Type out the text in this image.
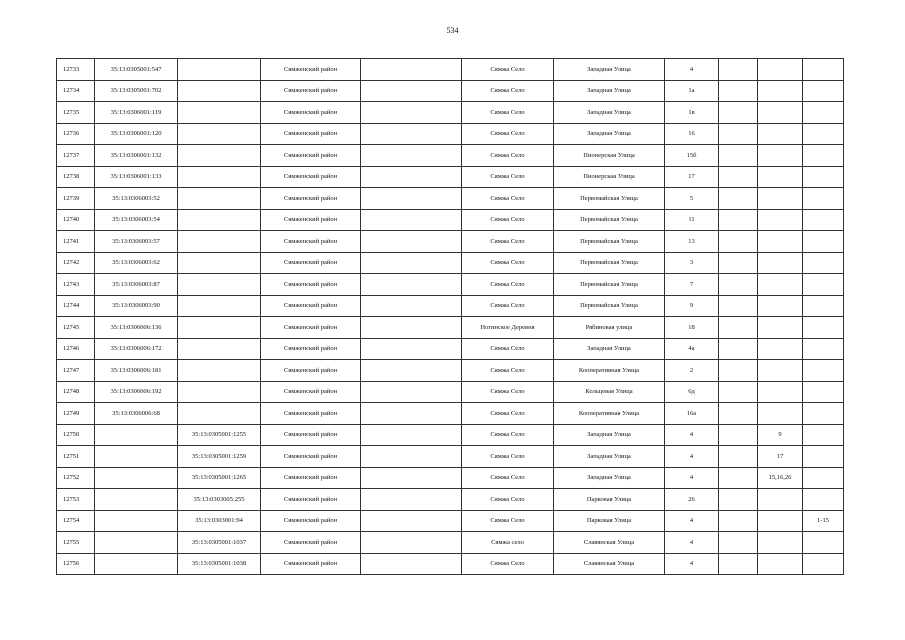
534
12733	35:13:0305001:547		Сямженский район		Сямжа Село	Западная Улица	4			
12734	35:13:0305001:702		Сямженский район		Сямжа Село	Западная Улица	1а			
12735	35:13:0306001:119		Сямженский район		Сямжа Село	Западная Улица	1в			
12736	35:13:0306001:120		Сямженский район		Сямжа Село	Западная Улица	16			
12737	35:13:0306001:132		Сямженский район		Сямжа Село	Пионерская Улица	15б			
12738	35:13:0306001:133		Сямженский район		Сямжа Село	Пионерская Улица	17			
12739	35:13:0306003:52		Сямженский район		Сямжа Село	Первомайская Улица	5			
12740	35:13:0306003:54		Сямженский район		Сямжа Село	Первомайская Улица	11			
12741	35:13:0306003:57		Сямженский район		Сямжа Село	Первомайская Улица	13			
12742	35:13:0306003:62		Сямженский район		Сямжа Село	Первомайская Улица	3			
12743	35:13:0306003:87		Сямженский район		Сямжа Село	Первомайская Улица	7			
12744	35:13:0306003:90		Сямженский район		Сямжа Село	Первомайская Улица	9			
12745	35:13:0306006:136		Сямженский район		Ногинское Деревня	Рябиновая улица	18			
12746	35:13:0306006:172		Сямженский район		Сямжа Село	Западная Улица	4а			
12747	35:13:0306006:181		Сямженский район		Сямжа Село	Кооперативная Улица	2			
12748	35:13:0306006:192		Сямженский район		Сямжа Село	Кольцевая Улица	6д			
12749	35:13:0306006:68		Сямженский район		Сямжа Село	Кооперативная Улица	16а			
12750		35:13:0305001:1255	Сямженский район		Сямжа Село	Западная Улица	4		9	
12751		35:13:0305001:1259	Сямженский район		Сямжа Село	Западная Улица	4		17	
12752		35:13:0305001:1265	Сямженский район		Сямжа Село	Западная Улица	4		15,16,26	
12753		35:13:0303005:255	Сямженский район		Сямжа Село	Парковая Улица	26			
12754		35:13:0303001:94	Сямженский район		Сямжа Село	Парковая Улица	4			1-15
12755		35:13:0305001:1037	Сямженский район		Сямжа село	Славянская Улица	4			
12756		35:13:0305001:1038	Сямженский район		Сямжа Село	Славянская Улица	4			
